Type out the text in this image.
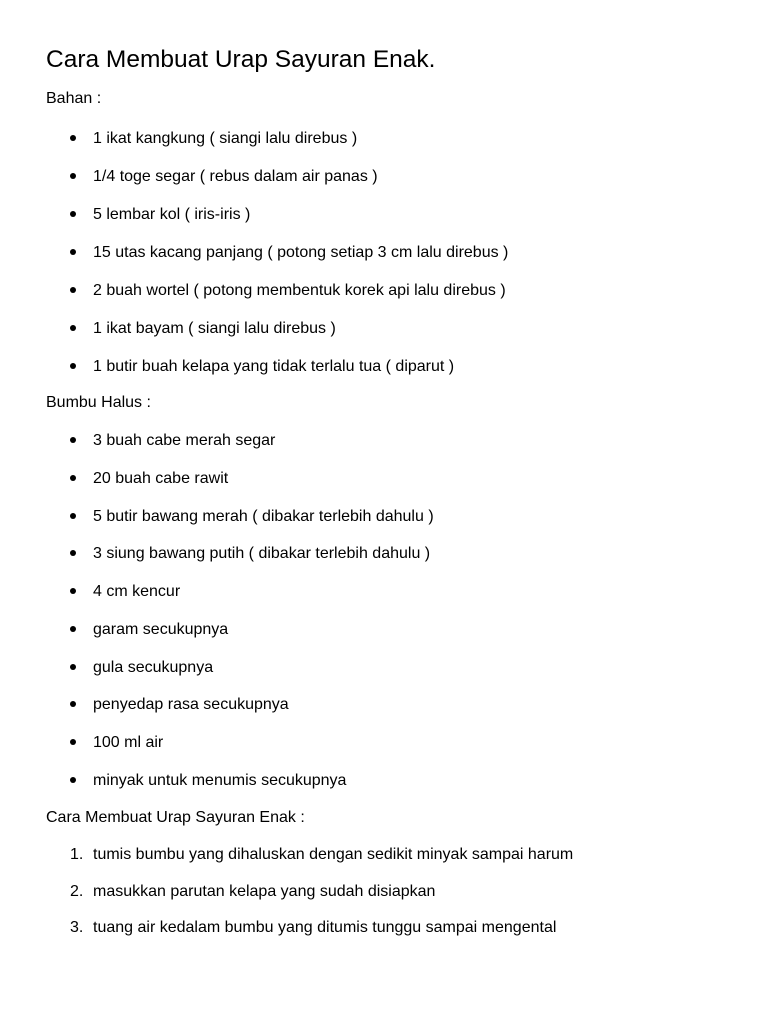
Cara Membuat Urap Sayuran Enak.
Bahan :
1 ikat kangkung ( siangi lalu direbus )
1/4 toge segar ( rebus dalam air panas )
5 lembar kol ( iris-iris )
15 utas kacang panjang ( potong setiap 3 cm lalu direbus )
2 buah wortel ( potong membentuk korek api lalu direbus )
1 ikat bayam ( siangi lalu direbus )
1 butir buah kelapa yang tidak terlalu tua ( diparut )
Bumbu Halus :
3 buah cabe merah segar
20 buah cabe rawit
5 butir bawang merah ( dibakar terlebih dahulu )
3 siung bawang putih ( dibakar terlebih dahulu )
4 cm kencur
garam secukupnya
gula secukupnya
penyedap rasa secukupnya
100 ml air
minyak untuk menumis secukupnya
Cara Membuat Urap Sayuran Enak :
1. tumis bumbu yang dihaluskan dengan sedikit minyak sampai harum
2. masukkan parutan kelapa yang sudah disiapkan
3. tuang air kedalam bumbu yang ditumis tunggu sampai mengental
